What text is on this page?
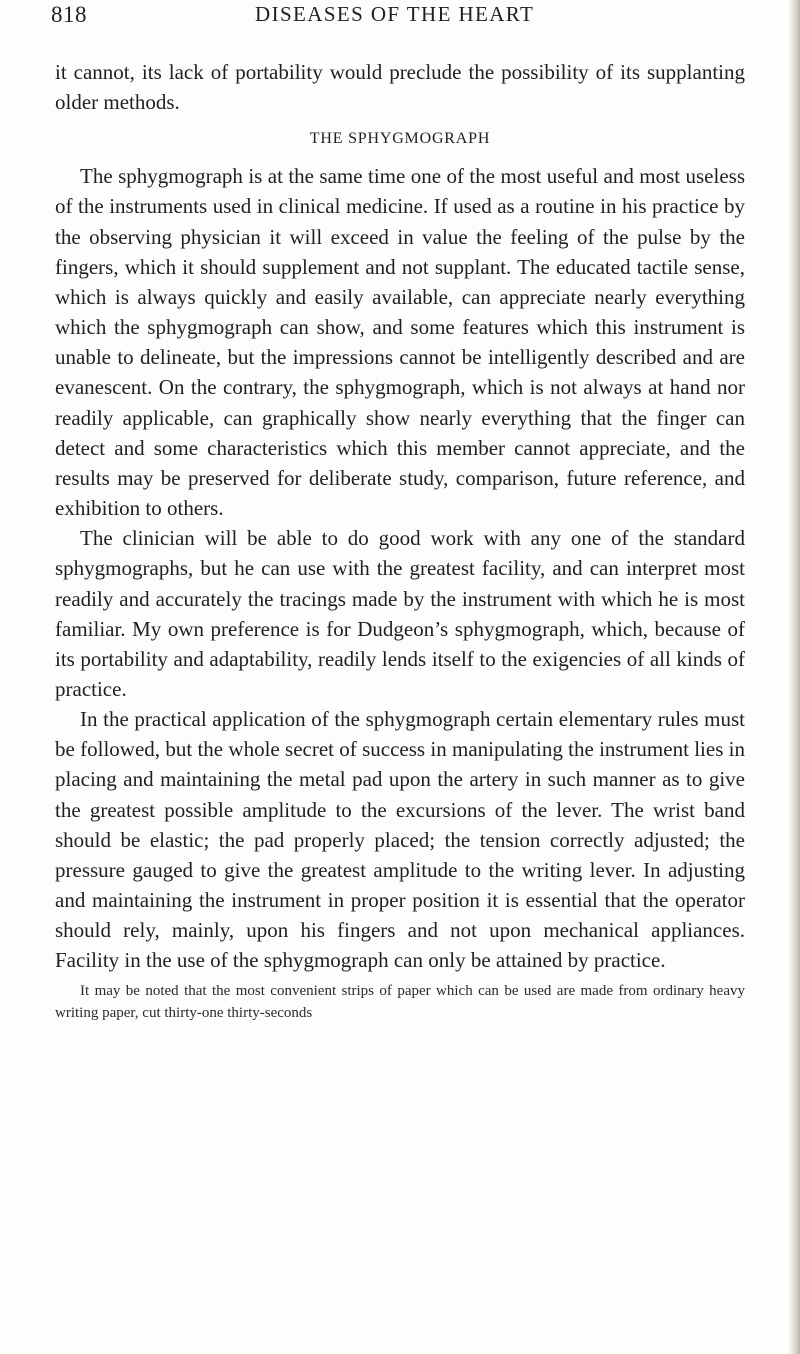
818	DISEASES OF THE HEART

it cannot, its lack of portability would preclude the possibility of its supplanting older methods.

THE SPHYGMOGRAPH

The sphygmograph is at the same time one of the most useful and most useless of the instruments used in clinical medicine. If used as a routine in his practice by the observing physician it will exceed in value the feeling of the pulse by the fingers, which it should supplement and not supplant. The educated tactile sense, which is always quickly and easily available, can appreciate nearly everything which the sphygmograph can show, and some features which this instrument is unable to delineate, but the impressions cannot be intelligently described and are evanescent. On the contrary, the sphygmograph, which is not always at hand nor readily applicable, can graphically show nearly everything that the finger can detect and some characteristics which this member cannot appreciate, and the results may be preserved for deliberate study, comparison, future reference, and exhibition to others.

The clinician will be able to do good work with any one of the standard sphygmographs, but he can use with the greatest facility, and can interpret most readily and accurately the tracings made by the instrument with which he is most familiar. My own preference is for Dudgeon’s sphygmograph, which, because of its portability and adaptability, readily lends itself to the exigencies of all kinds of practice.

In the practical application of the sphygmograph certain elementary rules must be followed, but the whole secret of success in manipulating the instrument lies in placing and maintaining the metal pad upon the artery in such manner as to give the greatest possible amplitude to the excursions of the lever. The wrist band should be elastic; the pad properly placed; the tension correctly adjusted; the pressure gauged to give the greatest amplitude to the writing lever. In adjusting and maintaining the instrument in proper position it is essential that the operator should rely, mainly, upon his fingers and not upon mechanical appliances. Facility in the use of the sphygmograph can only be attained by practice.

It may be noted that the most convenient strips of paper which can be used are made from ordinary heavy writing paper, cut thirty-one thirty-seconds
